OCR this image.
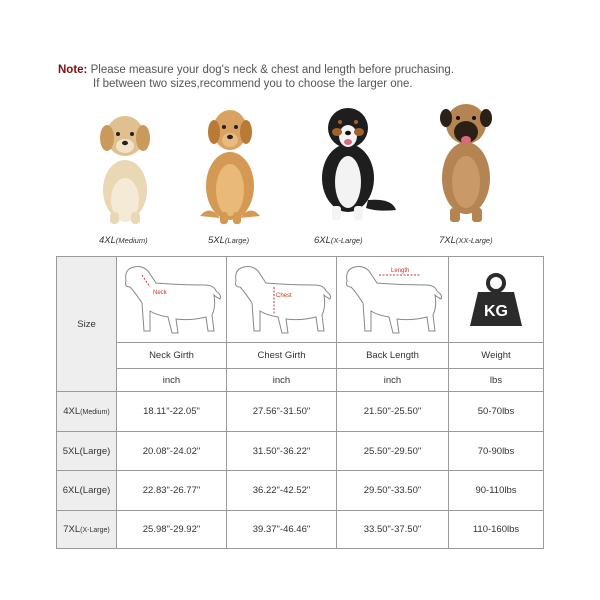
Note: Please measure your dog's neck & chest and length before pruchasing.
If between two sizes,recommend you to choose the larger one.
4XL(Medium)	5XL(Large)	6XL(X-Large)	7XL(XX-Large)
Size	Neck	Chest	Length	KG

	Neck Girth	Chest Girth	Back Length	Weight
	inch	inch	inch	lbs
4XL(Medium)	18.11"-22.05"	27.56"-31.50"	21.50"-25.50"	50-70lbs
5XL(Large)	20.08"-24.02"	31.50"-36.22"	25.50"-29.50"	70-90lbs
6XL(Large)	22.83"-26.77"	36.22"-42.52"	29.50"-33.50"	90-110lbs
7XL(X-Large)	25.98"-29.92"	39.37"-46.46"	33.50"-37.50"	110-160lbs
